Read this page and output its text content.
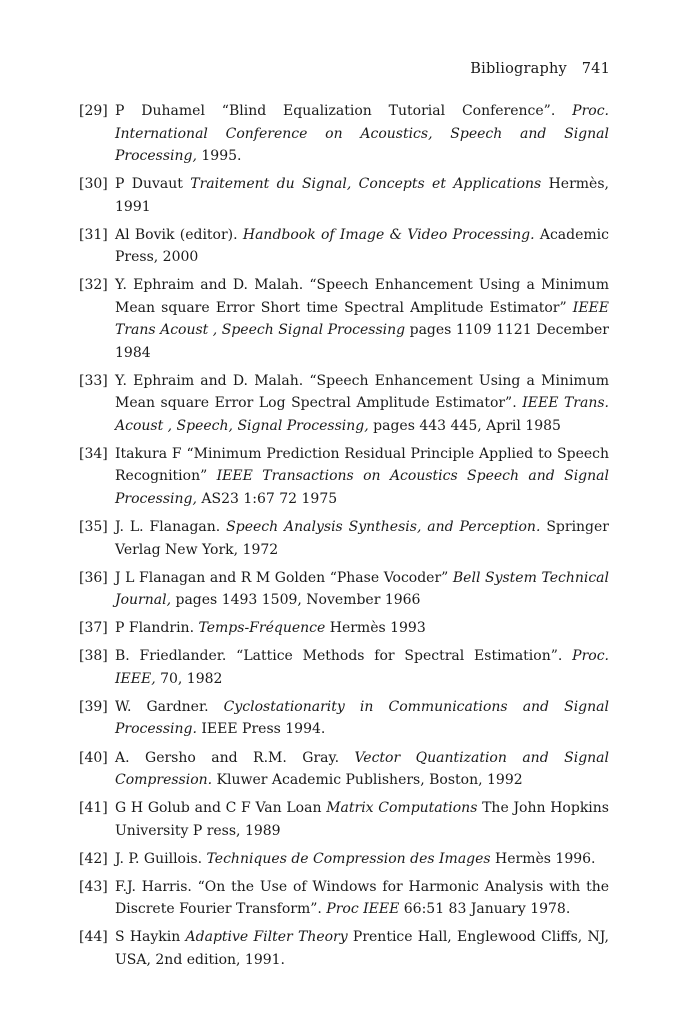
Bibliography 741
[29] P Duhamel “Blind Equalization Tutorial Conference”. Proc. International Conference on Acoustics, Speech and Signal Processing, 1995.
[30] P Duvaut Traitement du Signal, Concepts et Applications Hermès, 1991
[31] Al Bovik (editor). Handbook of Image & Video Processing. Academic Press, 2000
[32] Y. Ephraim and D. Malah. “Speech Enhancement Using a Minimum Mean square Error Short time Spectral Amplitude Estimator” IEEE Trans Acoust , Speech Signal Processing pages 1109 1121 December 1984
[33] Y. Ephraim and D. Malah. “Speech Enhancement Using a Minimum Mean square Error Log Spectral Amplitude Estimator”. IEEE Trans. Acoust , Speech, Signal Processing, pages 443 445, April 1985
[34] Itakura F “Minimum Prediction Residual Principle Applied to Speech Recognition” IEEE Transactions on Acoustics Speech and Signal Processing, AS23 1:67 72 1975
[35] J. L. Flanagan. Speech Analysis Synthesis, and Perception. Springer Verlag New York, 1972
[36] J L Flanagan and R M Golden “Phase Vocoder” Bell System Technical Journal, pages 1493 1509, November 1966
[37] P Flandrin. Temps-Fréquence Hermès 1993
[38] B. Friedlander. “Lattice Methods for Spectral Estimation”. Proc. IEEE, 70, 1982
[39] W. Gardner. Cyclostationarity in Communications and Signal Processing. IEEE Press 1994.
[40] A. Gersho and R.M. Gray. Vector Quantization and Signal Compression. Kluwer Academic Publishers, Boston, 1992
[41] G H Golub and C F Van Loan Matrix Computations The John Hopkins University P ress, 1989
[42] J. P. Guillois. Techniques de Compression des Images Hermès 1996.
[43] F.J. Harris. “On the Use of Windows for Harmonic Analysis with the Discrete Fourier Transform”. Proc IEEE 66:51 83 January 1978.
[44] S Haykin Adaptive Filter Theory Prentice Hall, Englewood Cliffs, NJ, USA, 2nd edition, 1991.
